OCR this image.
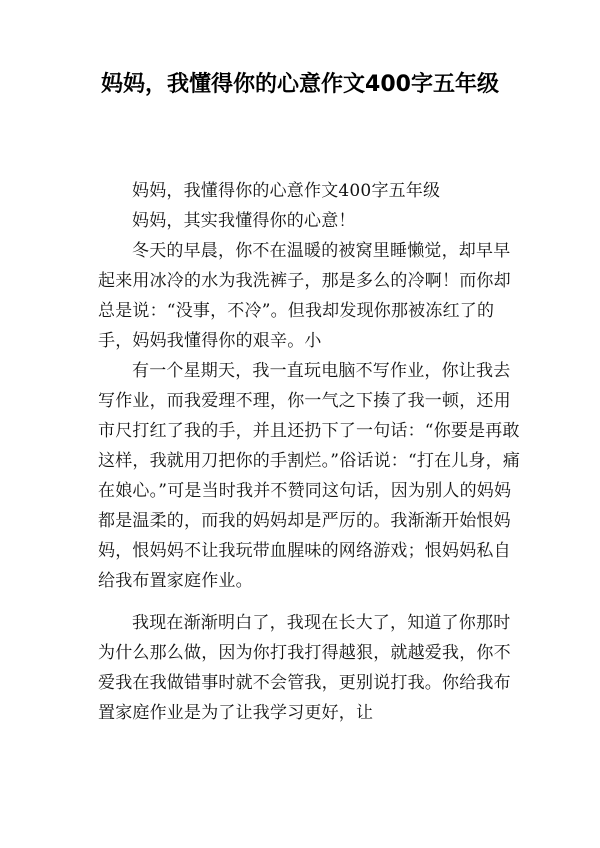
妈妈，我懂得你的心意作文400字五年级

妈妈，我懂得你的心意作文400字五年级

妈妈，其实我懂得你的心意！

冬天的早晨，你不在温暖的被窝里睡懒觉，却早早起来用冰冷的水为我洗裤子，那是多么的冷啊！而你却总是说：“没事，不冷”。但我却发现你那被冻红了的手，妈妈我懂得你的艰辛。小

有一个星期天，我一直玩电脑不写作业，你让我去写作业，而我爱理不理，你一气之下揍了我一顿，还用市尺打红了我的手，并且还扔下了一句话：“你要是再敢这样，我就用刀把你的手割烂。”俗话说：“打在儿身，痛在娘心。”可是当时我并不赞同这句话，因为别人的妈妈都是温柔的，而我的妈妈却是严厉的。我渐渐开始恨妈妈，恨妈妈不让我玩带血腥味的网络游戏；恨妈妈私自给我布置家庭作业。

我现在渐渐明白了，我现在长大了，知道了你那时为什么那么做，因为你打我打得越狠，就越爱我，你不爱我在我做错事时就不会管我，更别说打我。你给我布置家庭作业是为了让我学习更好，让
